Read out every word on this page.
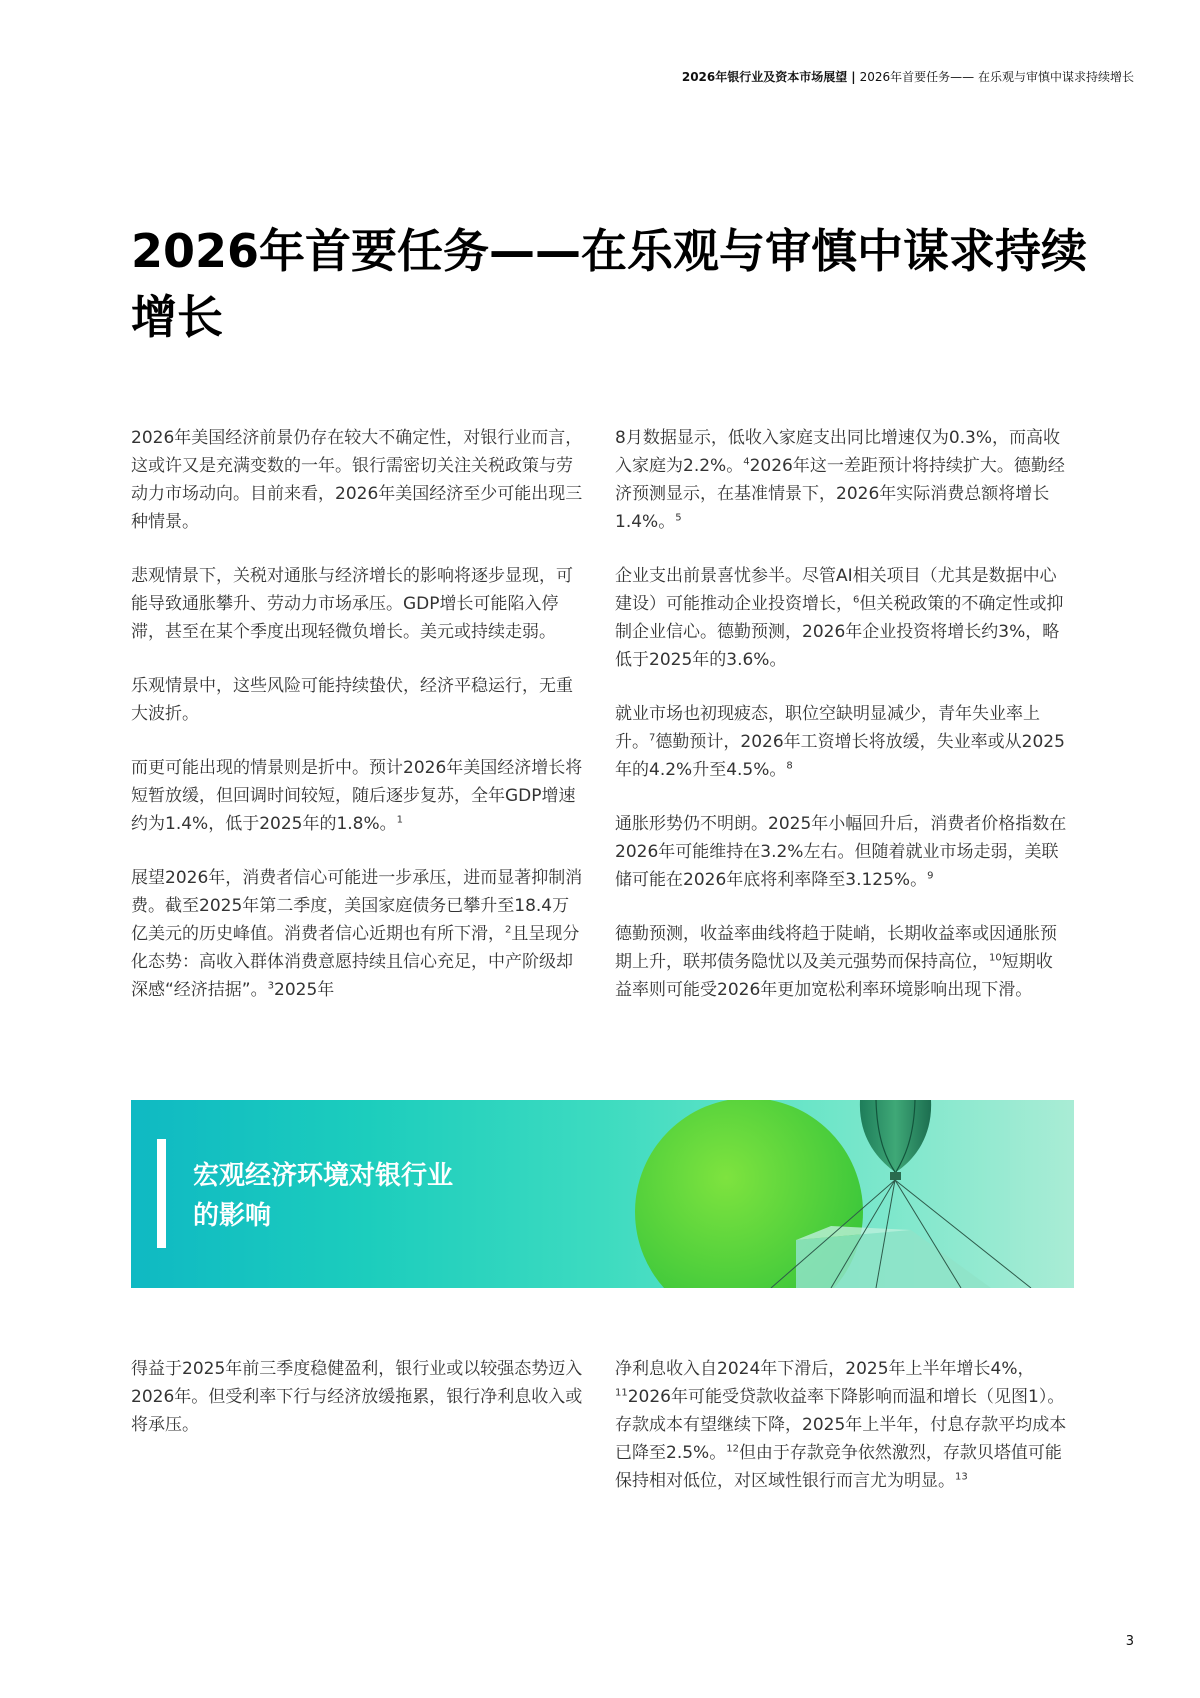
2026年银行业及资本市场展望 | 2026年首要任务—— 在乐观与审慎中谋求持续增长
2026年首要任务——在乐观与审慎中谋求持续增长

2026年美国经济前景仍存在较大不确定性，对银行业而言，这或许又是充满变数的一年。银行需密切关注关税政策与劳动力市场动向。目前来看，2026年美国经济至少可能出现三种情景。

悲观情景下，关税对通胀与经济增长的影响将逐步显现，可能导致通胀攀升、劳动力市场承压。GDP增长可能陷入停滞，甚至在某个季度出现轻微负增长。美元或持续走弱。

乐观情景中，这些风险可能持续蛰伏，经济平稳运行，无重大波折。

而更可能出现的情景则是折中。预计2026年美国经济增长将短暂放缓，但回调时间较短，随后逐步复苏，全年GDP增速约为1.4%，低于2025年的1.8%。$^1$

展望2026年，消费者信心可能进一步承压，进而显著抑制消费。截至2025年第二季度，美国家庭债务已攀升至18.4万亿美元的历史峰值。消费者信心近期也有所下滑，$^2$且呈现分化态势：高收入群体消费意愿持续且信心充足，中产阶级却深感“经济拮据”。$^3$2025年

8月数据显示，低收入家庭支出同比增速仅为0.3%，而高收入家庭为2.2%。$^4$2026年这一差距预计将持续扩大。德勤经济预测显示，在基准情景下，2026年实际消费总额将增长1.4%。$^5$

企业支出前景喜忧参半。尽管AI相关项目（尤其是数据中心建设）可能推动企业投资增长，$^6$但关税政策的不确定性或抑制企业信心。德勤预测，2026年企业投资将增长约3%，略低于2025年的3.6%。

就业市场也初现疲态，职位空缺明显减少，青年失业率上升。$^7$德勤预计，2026年工资增长将放缓，失业率或从2025年的4.2%升至4.5%。$^8$

通胀形势仍不明朗。2025年小幅回升后，消费者价格指数在2026年可能维持在3.2%左右。但随着就业市场走弱，美联储可能在2026年底将利率降至3.125%。$^9$

德勤预测，收益率曲线将趋于陡峭，长期收益率或因通胀预期上升，联邦债务隐忧以及美元强势而保持高位，$^{10}$短期收益率则可能受2026年更加宽松利率环境影响出现下滑。

宏观经济环境对银行业的影响

得益于2025年前三季度稳健盈利，银行业或以较强态势迈入2026年。但受利率下行与经济放缓拖累，银行净利息收入或将承压。

净利息收入自2024年下滑后，2025年上半年增长4%，$^{11}$2026年可能受贷款收益率下降影响而温和增长（见图1）。存款成本有望继续下降，2025年上半年，付息存款平均成本已降至2.5%。$^{12}$但由于存款竞争依然激烈，存款贝塔值可能保持相对低位，对区域性银行而言尤为明显。$^{13}$

3
